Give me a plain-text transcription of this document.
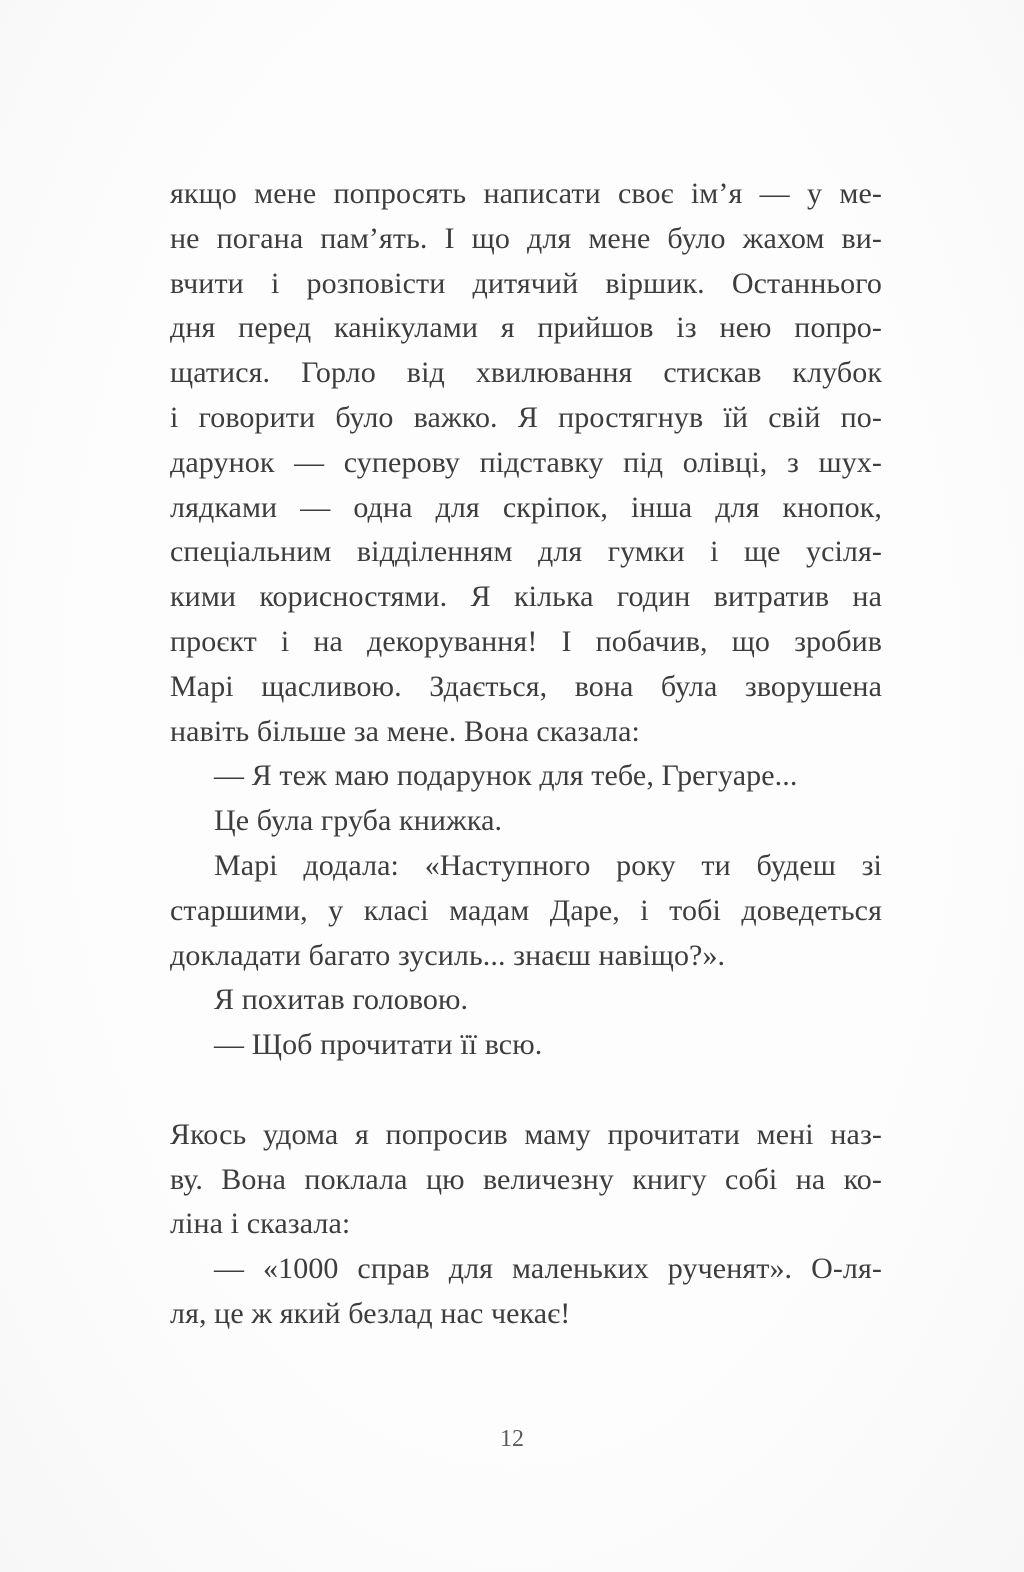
якщо мене попросять написати своє ім’я — у ме-
не погана пам’ять. І що для мене було жахом ви-
вчити і розповісти дитячий віршик. Останнього
дня перед канікулами я прийшов із нею попро-
щатися. Горло від хвилювання стискав клубок
і говорити було важко. Я простягнув їй свій по-
дарунок — суперову підставку під олівці, з шух-
лядками — одна для скріпок, інша для кнопок,
спеціальним відділенням для гумки і ще усіля-
кими корисностями. Я кілька годин витратив на
проєкт і на декорування! І побачив, що зробив
Марі щасливою. Здається, вона була зворушена
навіть більше за мене. Вона сказала:

— Я теж маю подарунок для тебе, Грегуаре...

Це була груба книжка.

Марі додала: «Наступного року ти будеш зі
старшими, у класі мадам Даре, і тобі доведеться
докладати багато зусиль... знаєш навіщо?».

Я похитав головою.

— Щоб прочитати її всю.

Якось удома я попросив маму прочитати мені наз-
ву. Вона поклала цю величезну книгу собі на ко-
ліна і сказала:

— «1000 справ для маленьких рученят». О-ля-
ля, це ж який безлад нас чекає!

12
